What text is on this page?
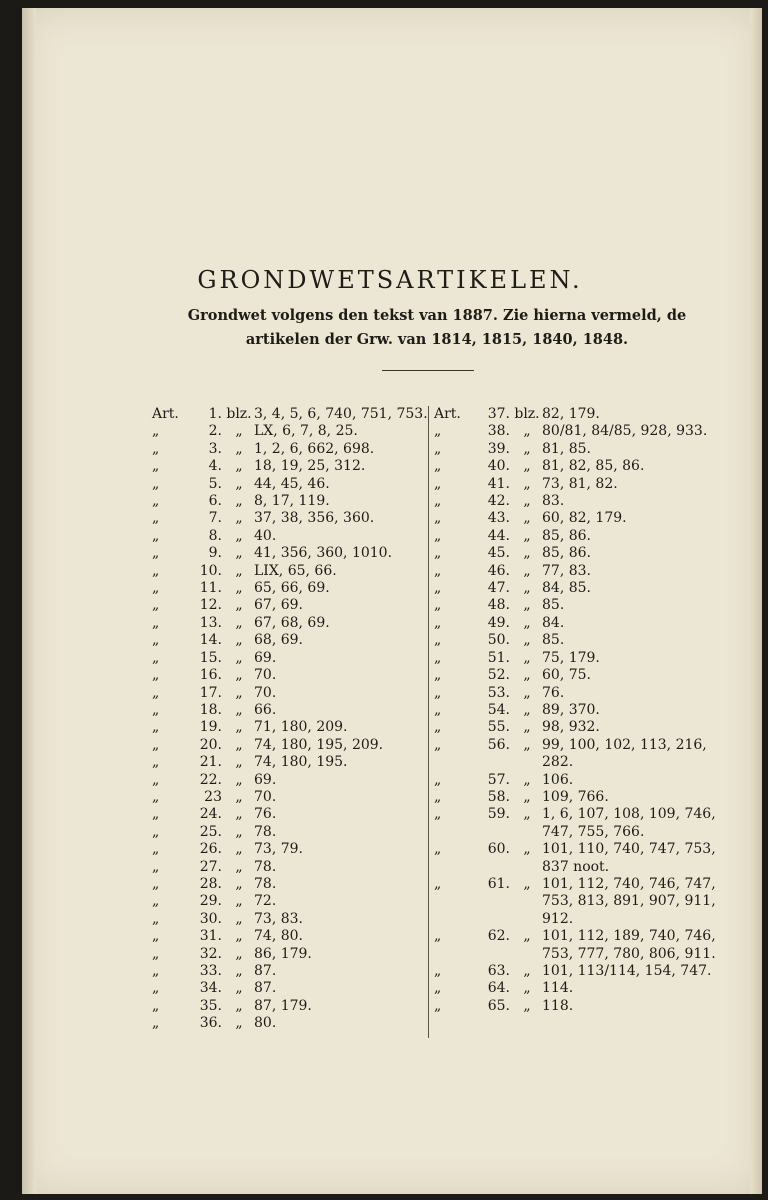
GRONDWETSARTIKELEN.
Grondwet volgens den tekst van 1887. Zie hierna vermeld, de artikelen der Grw. van 1814, 1815, 1840, 1848.
Art.	1. blz. 3, 4, 5, 6, 740, 751, 753.
„	2. „ LX, 6, 7, 8, 25.
„	3. „ 1, 2, 6, 662, 698.
„	4. „ 18, 19, 25, 312.
„	5. „ 44, 45, 46.
„	6. „ 8, 17, 119.
„	7. „ 37, 38, 356, 360.
„	8. „ 40.
„	9. „ 41, 356, 360, 1010.
„	10. „ LIX, 65, 66.
„	11. „ 65, 66, 69.
„	12. „ 67, 69.
„	13. „ 67, 68, 69.
„	14. „ 68, 69.
„	15. „ 69.
„	16. „ 70.
„	17. „ 70.
„	18. „ 66.
„	19. „ 71, 180, 209.
„	20. „ 74, 180, 195, 209.
„	21. „ 74, 180, 195.
„	22. „ 69.
„	23 „ 70.
„	24. „ 76.
„	25. „ 78.
„	26. „ 73, 79.
„	27. „ 78.
„	28. „ 78.
„	29. „ 72.
„	30. „ 73, 83.
„	31. „ 74, 80.
„	32. „ 86, 179.
„	33. „ 87.
„	34. „ 87.
„	35. „ 87, 179.
„	36. „ 80.
Art.	37. blz. 82, 179.
„	38. „ 80/81, 84/85, 928, 933.
„	39. „ 81, 85.
„	40. „ 81, 82, 85, 86.
„	41. „ 73, 81, 82.
„	42. „ 83.
„	43. „ 60, 82, 179.
„	44. „ 85, 86.
„	45. „ 85, 86.
„	46. „ 77, 83.
„	47. „ 84, 85.
„	48. „ 85.
„	49. „ 84.
„	50. „ 85.
„	51. „ 75, 179.
„	52. „ 60, 75.
„	53. „ 76.
„	54. „ 89, 370.
„	55. „ 98, 932.
„	56. „ 99, 100, 102, 113, 216, 282.
„	57. „ 106.
„	58. „ 109, 766.
„	59. „ 1, 6, 107, 108, 109, 746, 747, 755, 766.
„	60. „ 101, 110, 740, 747, 753, 837 noot.
„	61. „ 101, 112, 740, 746, 747, 753, 813, 891, 907, 911, 912.
„	62. „ 101, 112, 189, 740, 746, 753, 777, 780, 806, 911.
„	63. „ 101, 113/114, 154, 747.
„	64. „ 114.
„	65. „ 118.
